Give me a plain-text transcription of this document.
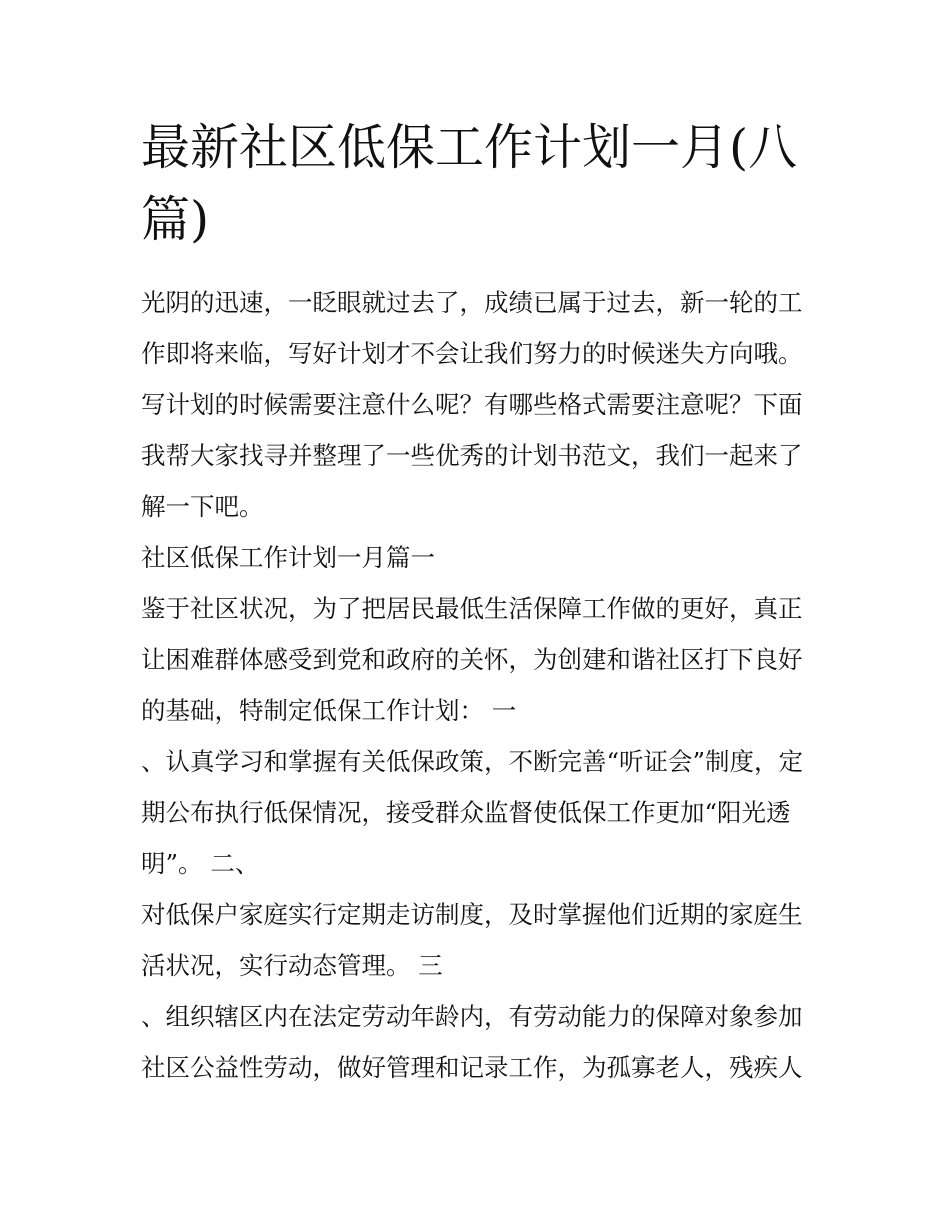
最新社区低保工作计划一月(八
篇)

光阴的迅速，一眨眼就过去了，成绩已属于过去，新一轮的工
作即将来临，写好计划才不会让我们努力的时候迷失方向哦。
写计划的时候需要注意什么呢？有哪些格式需要注意呢？下面
我帮大家找寻并整理了一些优秀的计划书范文，我们一起来了
解一下吧。

社区低保工作计划一月篇一

鉴于社区状况，为了把居民最低生活保障工作做的更好，真正
让困难群体感受到党和政府的关怀，为创建和谐社区打下良好
的基础，特制定低保工作计划： 一

、认真学习和掌握有关低保政策，不断完善“听证会”制度，定
期公布执行低保情况，接受群众监督使低保工作更加“阳光透
明”。 二、

对低保户家庭实行定期走访制度，及时掌握他们近期的家庭生
活状况，实行动态管理。 三

、组织辖区内在法定劳动年龄内，有劳动能力的保障对象参加
社区公益性劳动，做好管理和记录工作，为孤寡老人，残疾人
